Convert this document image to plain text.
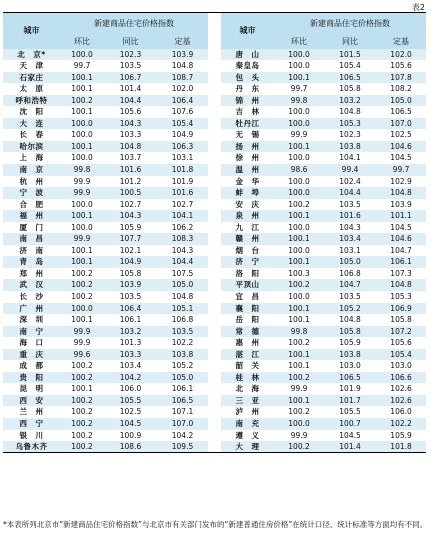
表2
城市	新建商品住宅价格指数				城市	新建商品住宅价格指数		
	环比	同比	定基			环比	同比	定基
北　京*	100.0	102.3	103.9		唐　山	100.0	101.5	102.0
天　津	99.7	103.5	104.8		秦皇岛	100.0	105.4	105.6
石家庄	100.1	106.7	108.7		包　头	100.1	106.5	107.8
太　原	100.1	101.4	102.0		丹　东	99.7	105.8	108.2
呼和浩特	100.2	104.4	106.4		锦　州	99.8	103.2	105.0
沈　阳	100.1	105.6	107.6		吉　林	100.0	104.8	106.5
大　连	100.0	104.3	105.4		牡丹江	100.0	105.3	107.0
长　春	100.0	103.3	104.9		无　锡	99.9	102.3	102.5
哈尔滨	100.1	104.8	106.3		扬　州	100.1	103.8	104.6
上　海	100.0	103.7	103.1		徐　州	100.0	104.1	104.5
南　京	99.8	101.6	101.8		温　州	98.6	99.4	99.7
杭　州	99.9	101.2	101.9		金　华	100.0	102.4	102.9
宁　波	99.9	100.5	101.6		蚌　埠	100.0	104.4	104.8
合　肥	100.0	102.7	102.7		安　庆	100.2	103.5	103.9
福　州	100.1	104.3	104.1		泉　州	100.1	101.6	101.1
厦　门	100.0	105.9	106.2		九　江	100.0	104.3	104.5
南　昌	99.9	107.7	108.3		赣　州	100.1	103.4	104.6
济　南	100.1	102.1	104.3		烟　台	100.0	103.1	104.7
青　岛	100.1	104.9	104.4		济　宁	100.1	105.0	106.1
郑　州	100.2	105.8	107.5		洛　阳	100.3	106.8	107.3
武　汉	100.2	103.9	105.0		平顶山	100.2	104.7	104.8
长　沙	100.2	103.5	104.8		宜　昌	100.0	103.5	105.3
广　州	100.0	106.4	105.1		襄　阳	100.1	105.2	106.9
深　圳	100.1	106.1	106.8		岳　阳	100.1	104.8	105.8
南　宁	99.9	103.2	103.5		常　德	99.8	105.8	107.2
海　口	99.9	101.3	102.2		惠　州	100.2	105.9	105.6
重　庆	99.6	103.3	103.8		湛　江	100.1	103.8	105.4
成　都	100.2	103.4	105.2		韶　关	100.1	103.0	103.0
贵　阳	100.2	104.2	105.0		桂　林	100.2	106.5	106.6
昆　明	100.1	106.0	106.1		北　海	99.9	101.9	102.6
西　安	100.2	105.5	106.5		三　亚	100.1	101.7	102.6
兰　州	100.2	102.5	107.1		泸　州	100.2	105.5	106.0
西　宁	100.2	104.5	107.0		南　充	100.0	100.7	102.2
银　川	100.2	100.9	104.2		遵　义	99.9	104.5	105.9
乌鲁木齐	100.2	108.6	109.5		大　理	100.2	101.4	101.8
*本表所列北京市“新建商品住宅价格指数”与北京市有关部门发布的“新建普通住房价格”在统计口径、统计标准等方面均有不同。
